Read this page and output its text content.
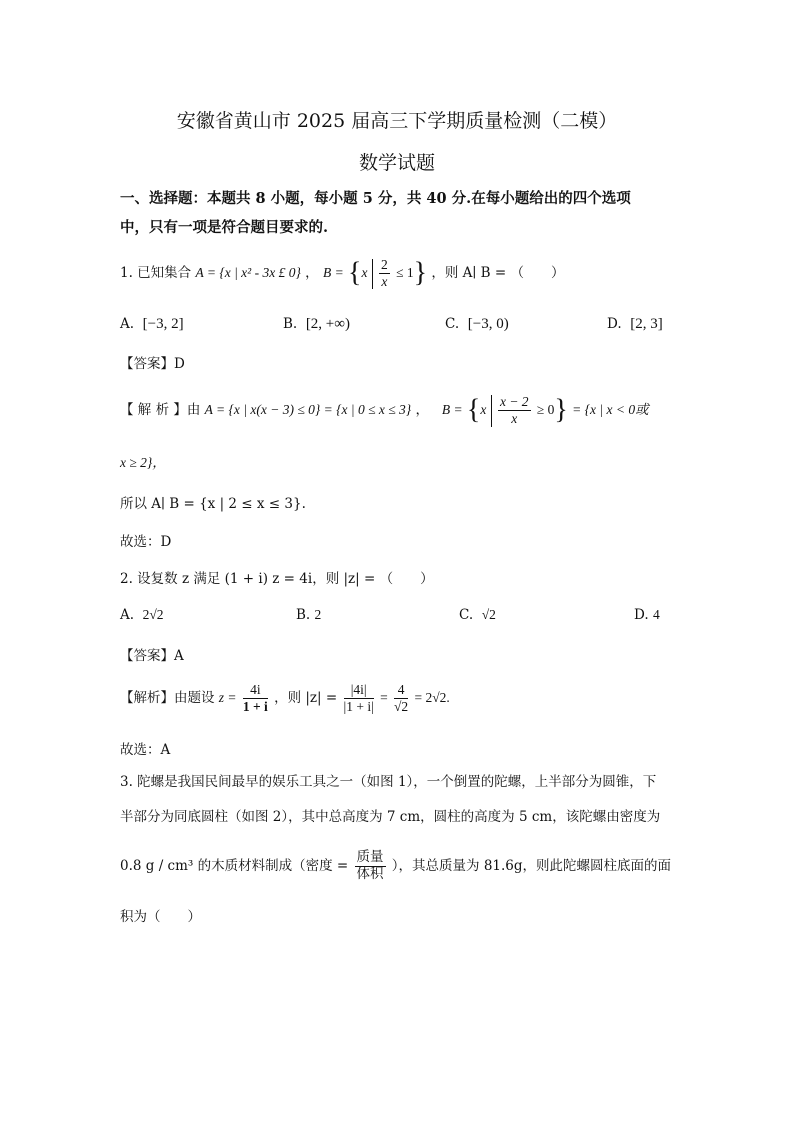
安徽省黄山市 2025 届高三下学期质量检测（二模）
数学试题
一、选择题：本题共 8 小题，每小题 5 分，共 40 分.在每小题给出的四个选项
中，只有一项是符合题目要求的.
1. 已知集合 A = {x | x² - 3x £ 0} ， $B = \{x \frac{2}{x} \le 1\}$ ，则 A∣ B = （　　）
A. [−3, 2]	B. [2, +∞)	C. [−3, 0)	D. [2, 3]
【答案】D
【 解 析 】由 A = {x | x(x − 3) ≤ 0} = {x | 0 ≤ x ≤ 3} ，   $B = \{x \frac{x - 2}{x} \ge 0\} = \{x$ | x < 0或
x ≥ 2}，
所以 A∣ B = {x | 2 ≤ x ≤ 3}.
故选：D
2. 设复数 z 满足 (1 + i) z = 4i，则 |z| = （　　）
A. 2√2	B. 2	C. √2	D. 4
【答案】A
【解析】由题设 $z = \frac{4i}{1 + i}$ ，则 $|z| = \frac{|4i|}{|1 + i|} = \frac{4}{√2} = 2√2$.
故选：A
3. 陀螺是我国民间最早的娱乐工具之一（如图 1），一个倒置的陀螺，上半部分为圆锥，下
半部分为同底圆柱（如图 2），其中总高度为 7 cm，圆柱的高度为 5 cm，该陀螺由密度为
0.8 g / cm³ 的木质材料制成（密度 = $\frac{\text{质量}}{\text{体积}}$ ），其总质量为 81.6g，则此陀螺圆柱底面的面
积为（　　）
